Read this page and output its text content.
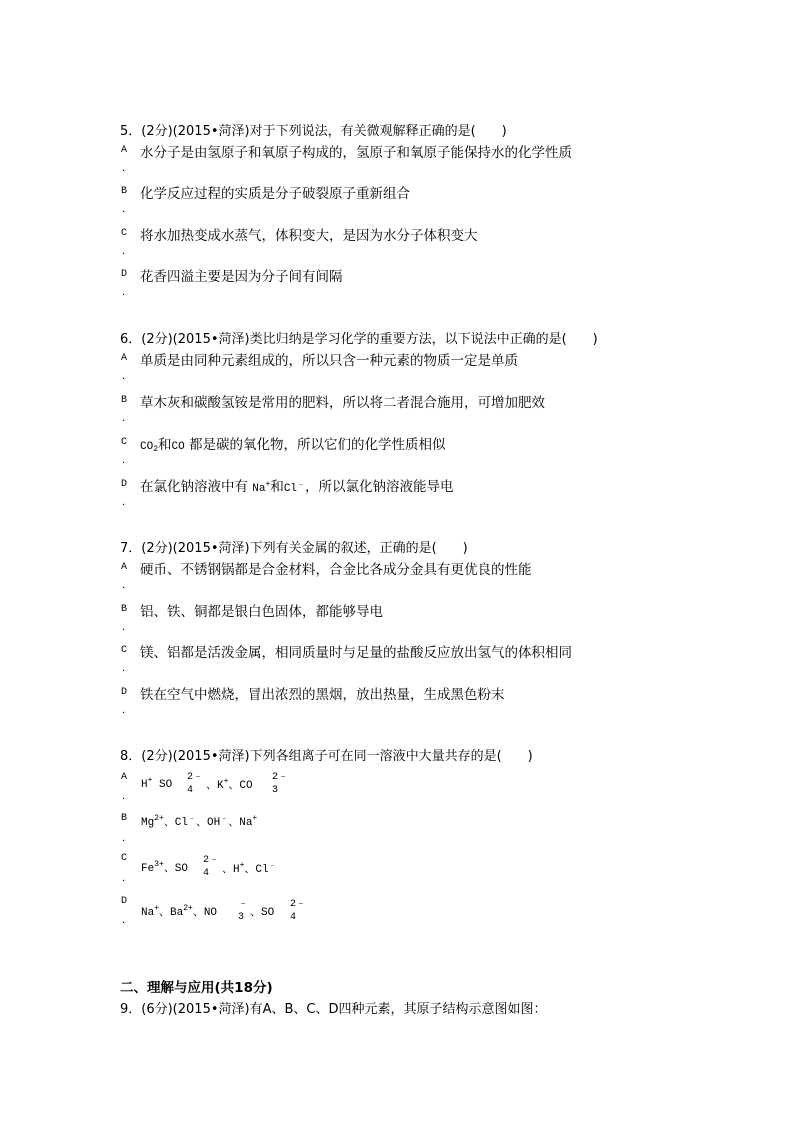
5．(2分)(2015•菏泽)对于下列说法，有关微观解释正确的是(　　)
A
．
水分子是由氢原子和氧原子构成的，氢原子和氧原子能保持水的化学性质
B
．
化学反应过程的实质是分子破裂原子重新组合
C
．
将水加热变成水蒸气，体积变大，是因为水分子体积变大
D
．
花香四溢主要是因为分子间有间隔
6．(2分)(2015•菏泽)类比归纳是学习化学的重要方法，以下说法中正确的是(　　)
A
．
单质是由同种元素组成的，所以只含一种元素的物质一定是单质
B
．
草木灰和碳酸氢铵是常用的肥料，所以将二者混合施用，可增加肥效
C
．
$CO_2$和CO 都是碳的氧化物，所以它们的化学性质相似
D
．
在氯化钠溶液中有 Na+和Cl﹣，所以氯化钠溶液能导电
7．(2分)(2015•菏泽)下列有关金属的叙述，正确的是(　　)
A
．
硬币、不锈钢锅都是合金材料，合金比各成分金具有更优良的性能
B
．
铝、铁、铜都是银白色固体，都能够导电
C
．
镁、铝都是活泼金属，相同质量时与足量的盐酸反应放出氢气的体积相同
D
．
铁在空气中燃烧，冒出浓烈的黑烟，放出热量，生成黑色粉末
8．(2分)(2015•菏泽)下列各组离子可在同一溶液中大量共存的是(　　)
A
．
H+ SO
2﹣
4	、K+、CO
2﹣
3
B
．
$Mg^{2+}$、Cl﹣、OH﹣、Na+
C
．
$Fe^{3+}$、SO
2﹣
4	、H+、Cl﹣
D
．
Na+、$Ba^{2+}$、NO
﹣
3 、SO
2﹣
4
二、理解与应用(共18分)
9．(6分)(2015•菏泽)有A、B、C、D四种元素，其原子结构示意图如图：
